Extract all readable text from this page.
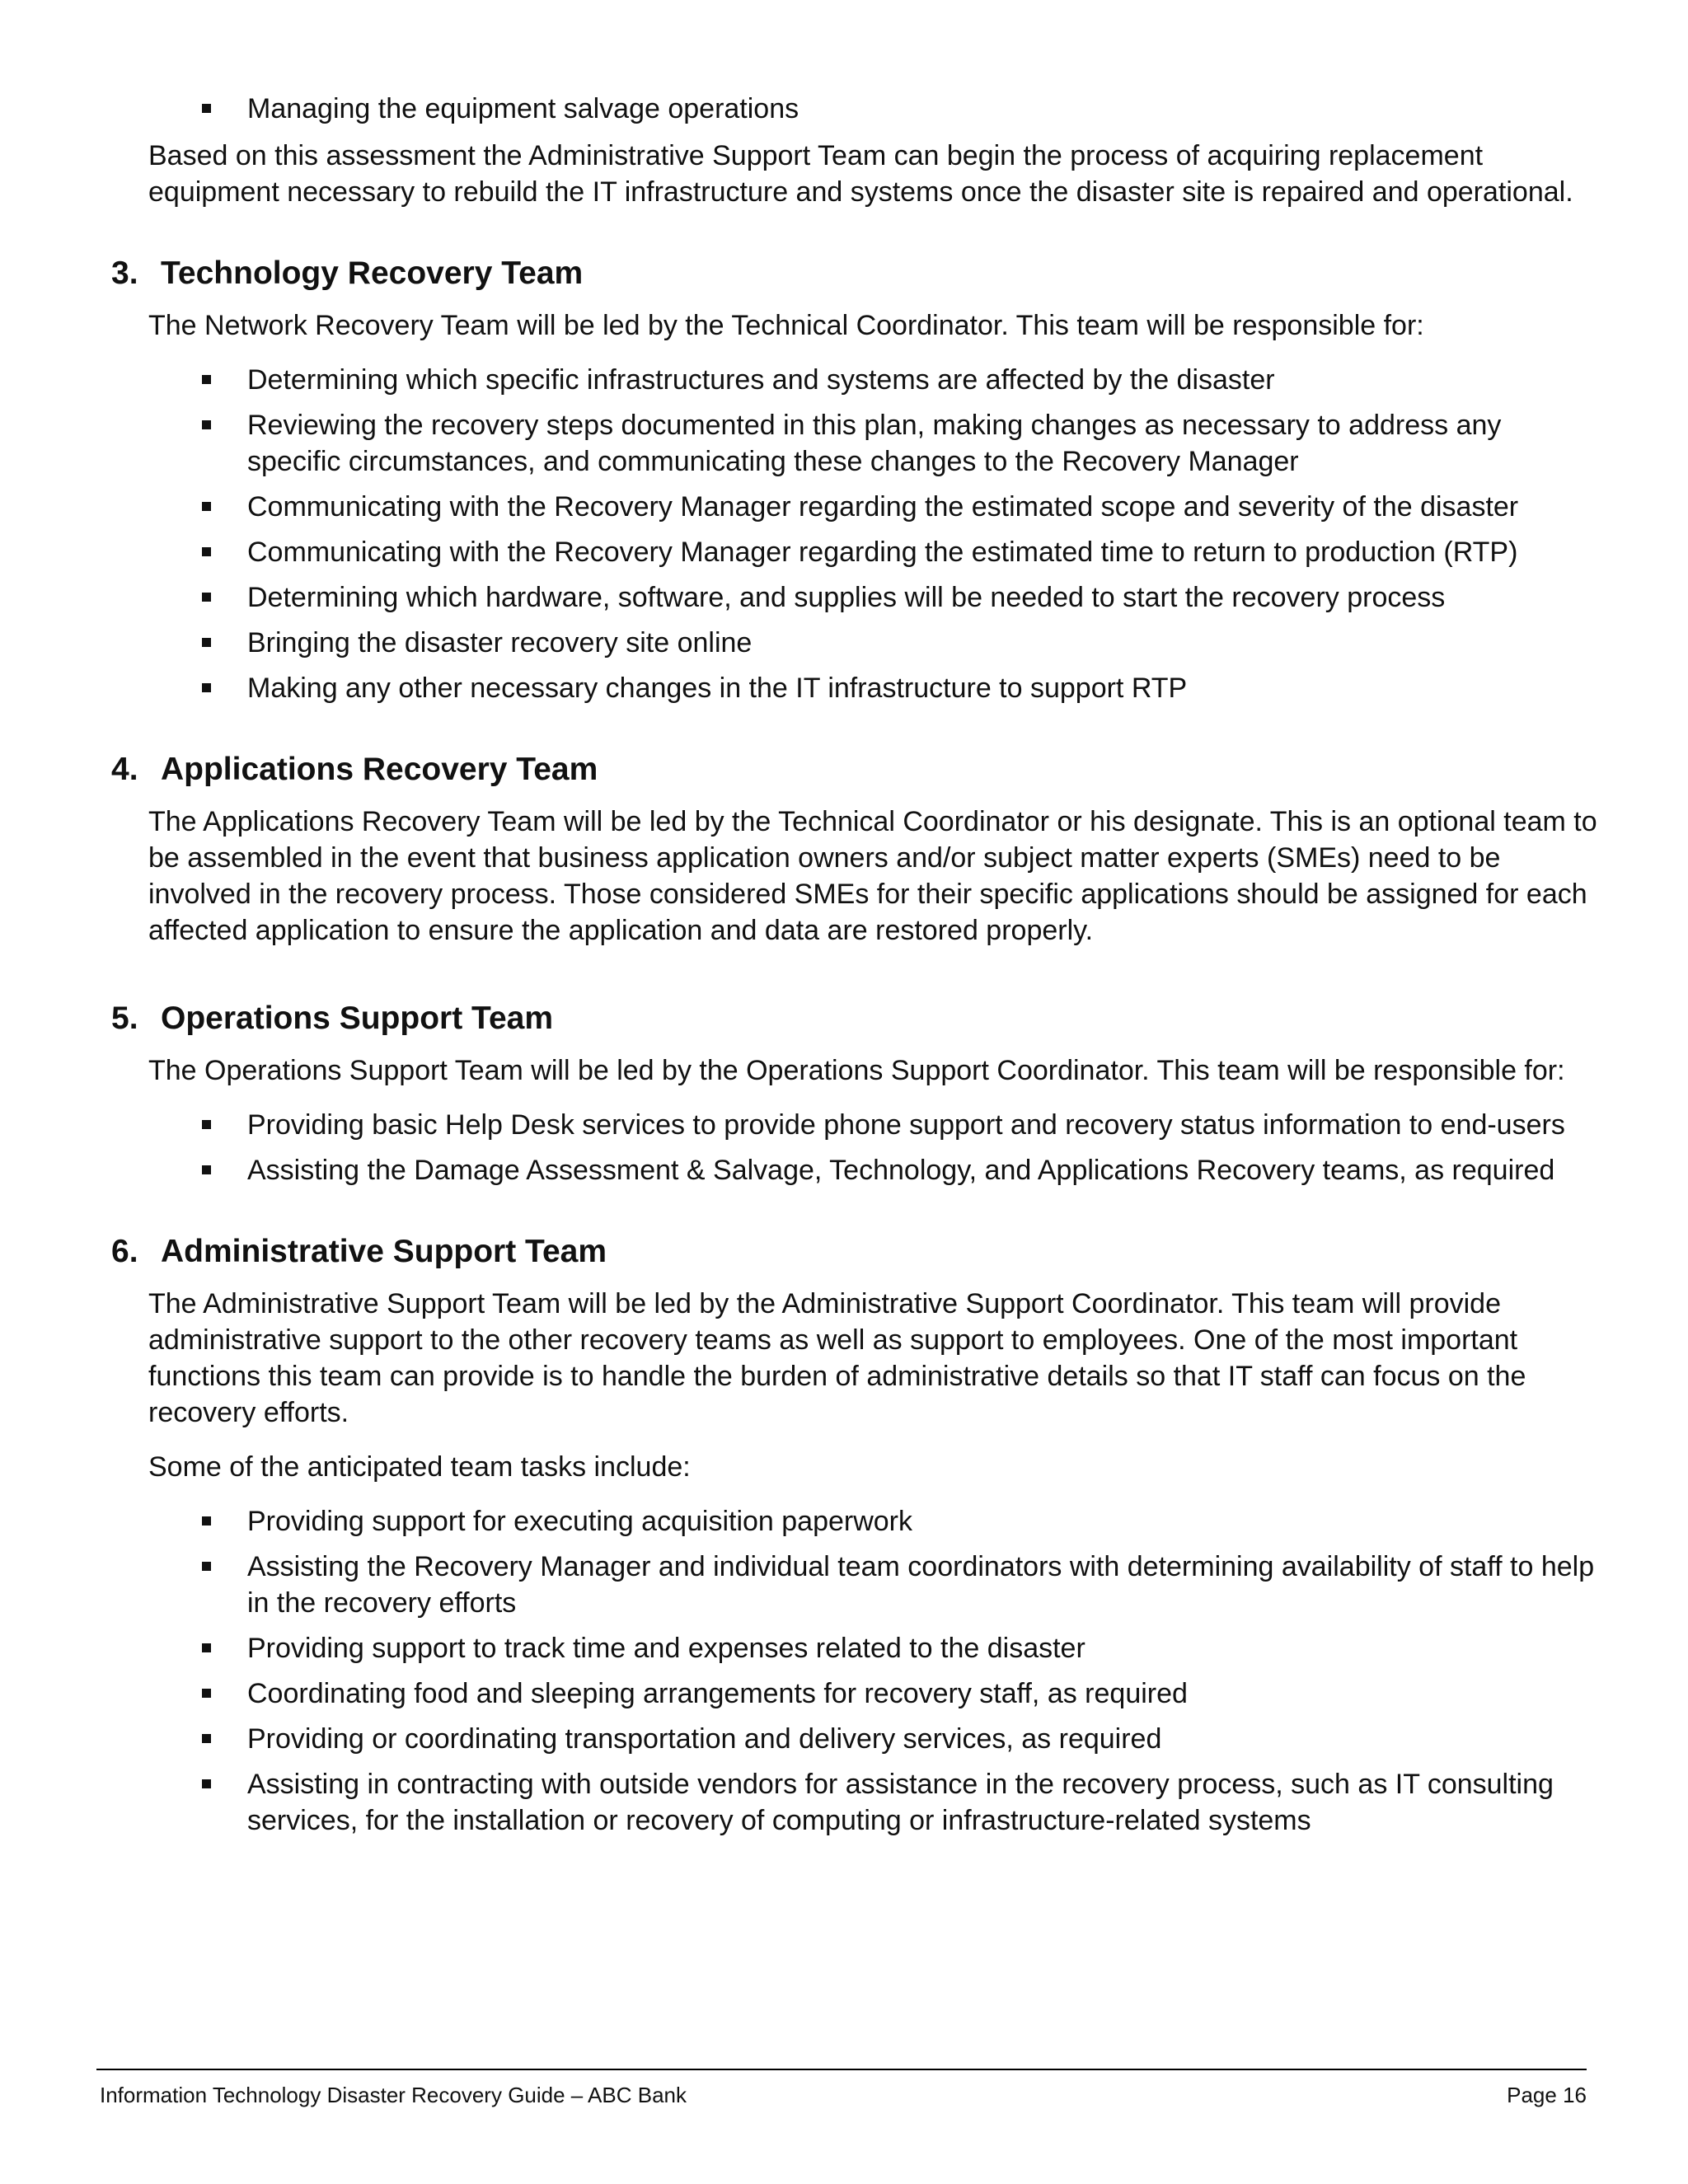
Managing the equipment salvage operations

Based on this assessment the Administrative Support Team can begin the process of acquiring replacement equipment necessary to rebuild the IT infrastructure and systems once the disaster site is repaired and operational.

3. Technology Recovery Team

The Network Recovery Team will be led by the Technical Coordinator. This team will be responsible for:

Determining which specific infrastructures and systems are affected by the disaster
Reviewing the recovery steps documented in this plan, making changes as necessary to address any specific circumstances, and communicating these changes to the Recovery Manager
Communicating with the Recovery Manager regarding the estimated scope and severity of the disaster
Communicating with the Recovery Manager regarding the estimated time to return to production (RTP)
Determining which hardware, software, and supplies will be needed to start the recovery process
Bringing the disaster recovery site online
Making any other necessary changes in the IT infrastructure to support RTP
4. Applications Recovery Team

The Applications Recovery Team will be led by the Technical Coordinator or his designate. This is an optional team to be assembled in the event that business application owners and/or subject matter experts (SMEs) need to be involved in the recovery process. Those considered SMEs for their specific applications should be assigned for each affected application to ensure the application and data are restored properly.

5. Operations Support Team

The Operations Support Team will be led by the Operations Support Coordinator. This team will be responsible for:

Providing basic Help Desk services to provide phone support and recovery status information to end-users
Assisting the Damage Assessment & Salvage, Technology, and Applications Recovery teams, as required
6. Administrative Support Team

The Administrative Support Team will be led by the Administrative Support Coordinator. This team will provide administrative support to the other recovery teams as well as support to employees. One of the most important functions this team can provide is to handle the burden of administrative details so that IT staff can focus on the recovery efforts.

Some of the anticipated team tasks include:

Providing support for executing acquisition paperwork
Assisting the Recovery Manager and individual team coordinators with determining availability of staff to help in the recovery efforts
Providing support to track time and expenses related to the disaster
Coordinating food and sleeping arrangements for recovery staff, as required
Providing or coordinating transportation and delivery services, as required
Assisting in contracting with outside vendors for assistance in the recovery process, such as IT consulting services, for the installation or recovery of computing or infrastructure-related systems
Information Technology Disaster Recovery Guide – ABC Bank	Page 16
